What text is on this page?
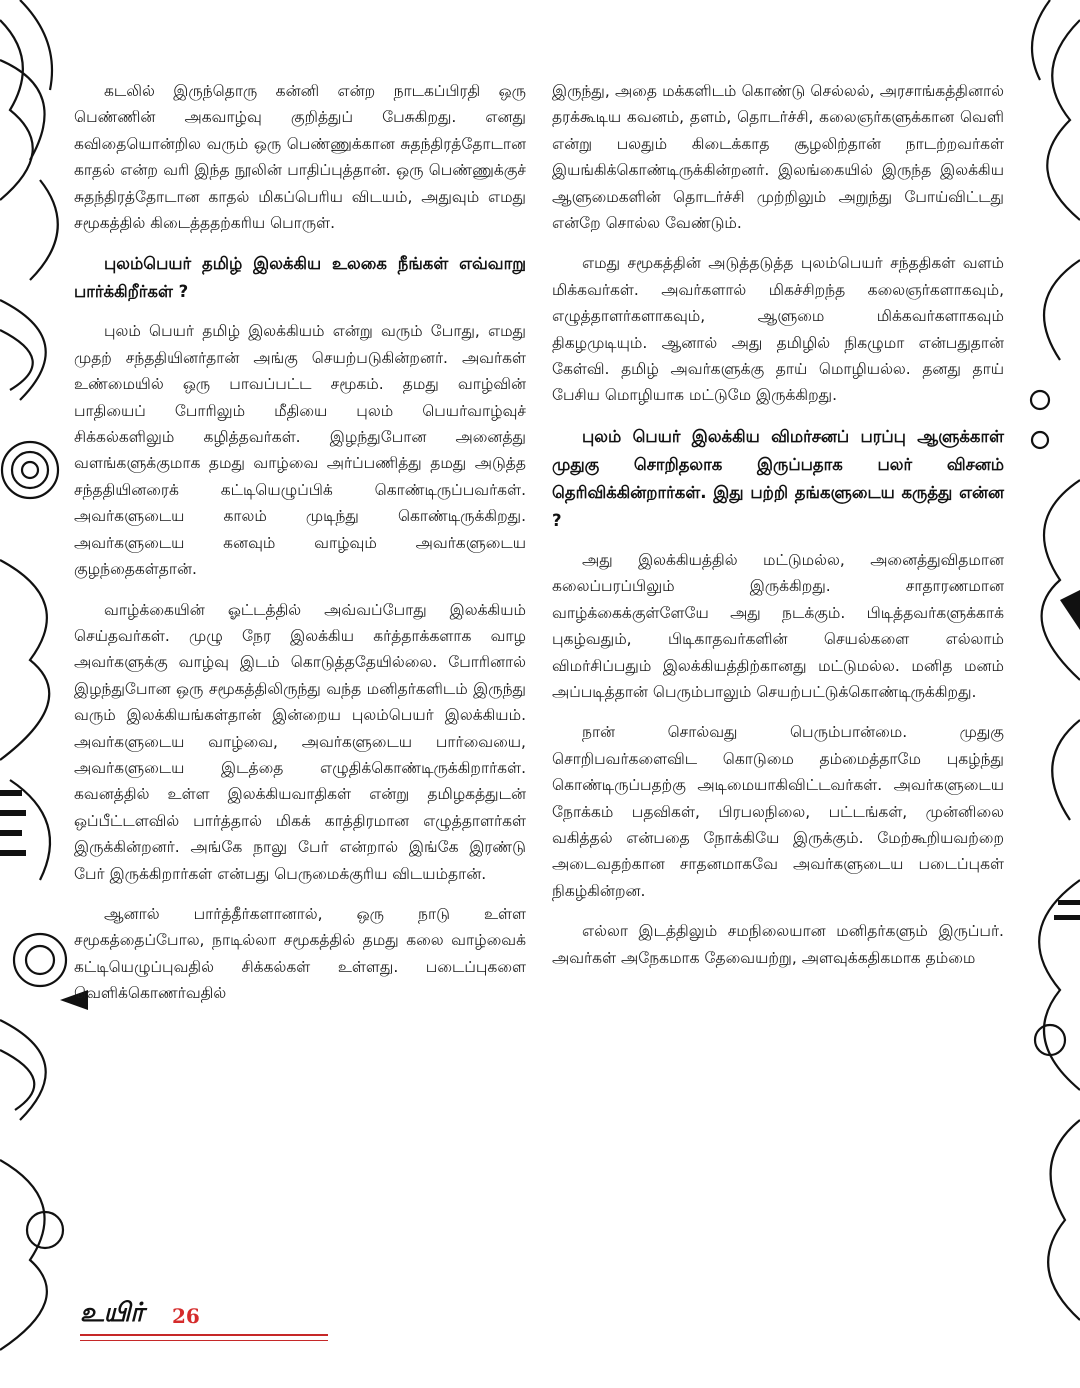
கடலில் இருந்தொரு கன்னி என்ற நாடகப்பிரதி ஒரு பெண்ணின் அகவாழ்வு குறித்துப் பேசுகிறது. எனது கவிதையொன்றில வரும் ஒரு பெண்ணுக்கான சுதந்திரத்தோடான காதல் என்ற வரி இந்த நூலின் பாதிப்புத்தான். ஒரு பெண்ணுக்குச் சுதந்திரத்தோடான காதல் மிகப்பெரிய விடயம், அதுவும் எமது சமூகத்தில் கிடைத்ததற்கரிய பொருள்.

புலம்பெயர் தமிழ் இலக்கிய உலகை நீங்கள் எவ்வாறு பார்க்கிறீர்கள் ?

புலம் பெயர் தமிழ் இலக்கியம் என்று வரும் போது, எமது முதற் சந்ததியினர்தான் அங்கு செயற்படுகின்றனர். அவர்கள் உண்மையில் ஒரு பாவப்பட்ட சமூகம். தமது வாழ்வின் பாதியைப் போரிலும் மீதியை புலம் பெயர்வாழ்வுச் சிக்கல்களிலும் கழித்தவர்கள். இழந்துபோன அனைத்து வளங்களுக்குமாக தமது வாழ்வை அர்ப்பணித்து தமது அடுத்த சந்ததியினரைக் கட்டியெழுப்பிக் கொண்டிருப்பவர்கள். அவர்களுடைய காலம் முடிந்து கொண்டிருக்கிறது. அவர்களுடைய கனவும் வாழ்வும் அவர்களுடைய குழந்தைகள்தான்.

வாழ்க்கையின் ஓட்டத்தில் அவ்வப்போது இலக்கியம் செய்தவர்கள். முழு நேர இலக்கிய கர்த்தாக்களாக வாழ அவர்களுக்கு வாழ்வு இடம் கொடுத்ததேயில்லை. போரினால் இழந்துபோன ஒரு சமூகத்திலிருந்து வந்த மனிதர்களிடம் இருந்து வரும் இலக்கியங்கள்தான் இன்றைய புலம்பெயர் இலக்கியம். அவர்களுடைய வாழ்வை, அவர்களுடைய பார்வையை, அவர்களுடைய இடத்தை எழுதிக்கொண்டிருக்கிறார்கள். கவனத்தில் உள்ள இலக்கியவாதிகள் என்று தமிழகத்துடன் ஒப்பீட்டளவில் பார்த்தால் மிகக் காத்திரமான எழுத்தாளர்கள் இருக்கின்றனர். அங்கே நாலு பேர் என்றால் இங்கே இரண்டு பேர் இருக்கிறார்கள் என்பது பெருமைக்குரிய விடயம்தான்.

ஆனால் பார்த்தீர்களானால், ஒரு நாடு உள்ள சமூகத்தைப்போல, நாடில்லா சமூகத்தில் தமது கலை வாழ்வைக் கட்டியெழுப்புவதில் சிக்கல்கள் உள்ளது. படைப்புகளை வெளிக்கொணர்வதில்

இருந்து, அதை மக்களிடம் கொண்டு செல்லல், அரசாங்கத்தினால் தரக்கூடிய கவனம், தளம், தொடர்ச்சி, கலைஞர்களுக்கான வெளி என்று பலதும் கிடைக்காத சூழலிற்தான் நாடற்றவர்கள் இயங்கிக்கொண்டிருக்கின்றனர். இலங்கையில் இருந்த இலக்கிய ஆளுமைகளின் தொடர்ச்சி முற்றிலும் அறுந்து போய்விட்டது என்றே சொல்ல வேண்டும்.

எமது சமூகத்தின் அடுத்தடுத்த புலம்பெயர் சந்ததிகள் வளம் மிக்கவர்கள். அவர்களால் மிகச்சிறந்த கலைஞர்களாகவும், எழுத்தாளர்களாகவும், ஆளுமை மிக்கவர்களாகவும் திகழமுடியும். ஆனால் அது தமிழில் நிகழுமா என்பதுதான் கேள்வி. தமிழ் அவர்களுக்கு தாய் மொழியல்ல. தனது தாய் பேசிய மொழியாக மட்டுமே இருக்கிறது.

புலம் பெயர் இலக்கிய விமர்சனப் பரப்பு ஆளுக்காள் முதுகு சொறிதலாக இருப்பதாக பலர் விசனம் தெரிவிக்கின்றார்கள். இது பற்றி தங்களுடைய கருத்து என்ன ?

அது இலக்கியத்தில் மட்டுமல்ல, அனைத்துவிதமான கலைப்பரப்பிலும் இருக்கிறது. சாதாரணமான வாழ்க்கைக்குள்ளேயே அது நடக்கும். பிடித்தவர்களுக்காக் புகழ்வதும், பிடிகாதவர்களின் செயல்களை எல்லாம் விமர்சிப்பதும் இலக்கியத்திற்கானது மட்டுமல்ல. மனித மனம் அப்படித்தான் பெரும்பாலும் செயற்பட்டுக்கொண்டிருக்கிறது.

நான் சொல்வது பெரும்பான்மை. முதுகு சொறிபவர்களைவிட கொடுமை தம்மைத்தாமே புகழ்ந்து கொண்டிருப்பதற்கு அடிமையாகிவிட்டவர்கள். அவர்களுடைய நோக்கம் பதவிகள், பிரபலநிலை, பட்டங்கள், முன்னிலை வகித்தல் என்பதை நோக்கியே இருக்கும். மேற்கூறியவற்றை அடைவதற்கான சாதனமாகவே அவர்களுடைய படைப்புகள் நிகழ்கின்றன.

எல்லா இடத்திலும் சமநிலையான மனிதர்களும் இருப்பர். அவர்கள் அநேகமாக தேவையற்று, அளவுக்கதிகமாக தம்மை

உயிர் 26
